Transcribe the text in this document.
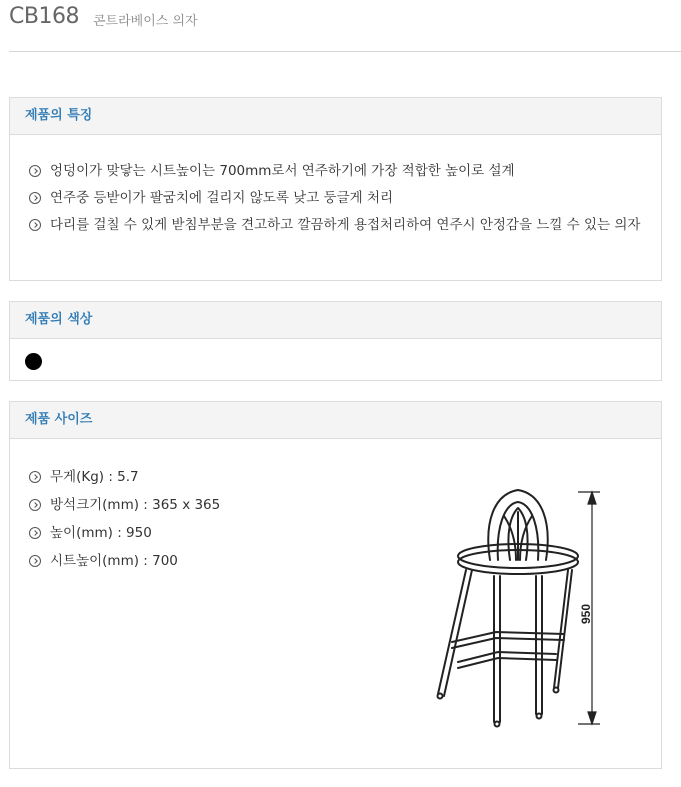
CB168 콘트라베이스 의자
제품의 특징
엉덩이가 맞닿는 시트높이는 700mm로서 연주하기에 가장 적합한 높이로 설계
연주중 등받이가 팔굼치에 걸리지 않도록 낮고 둥글게 처리
다리를 걸칠 수 있게 받침부분을 견고하고 깔끔하게 용접처리하여 연주시 안정감을 느낄 수 있는 의자
제품의 색상
제품 사이즈
무게(Kg) : 5.7
방석크기(mm) : 365 x 365
높이(mm) : 950
시트높이(mm) : 700
950
